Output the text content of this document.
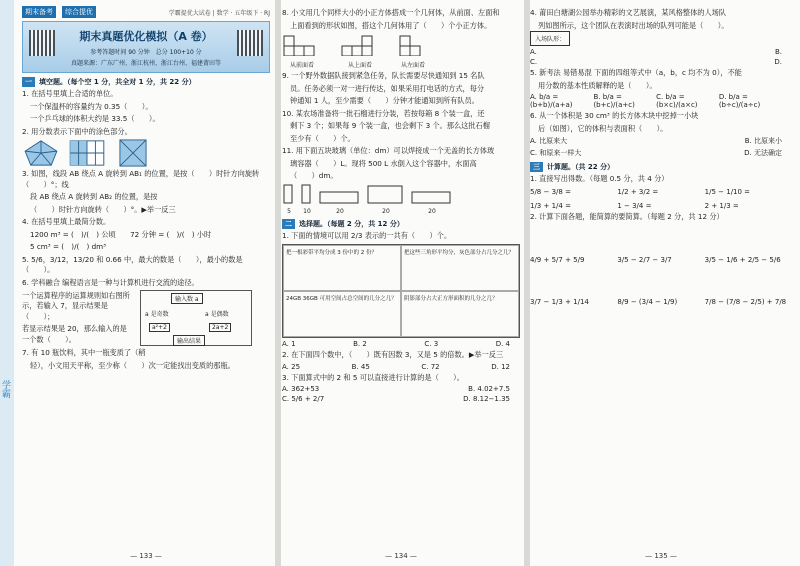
学霸
期末备考	综合提优	学霸提优大试卷 | 数学 · 五年级下 · RJ
期末真题优化模拟（A 卷）
参考答题时间 90 分钟　总分 100+10 分
真题来源：广东广州、浙江杭州、浙江台州、福建莆田等
一	填空题。（每个空 1 分，共全对 1 分，共 22 分）
1. 在括号里填上合适的单位。
一个保温杯的容量约为 0.35（　　）。
一个乒乓球的体积大约是 33.5（　　）。
2. 用分数表示下面中的涂色部分。
3. 如图，线段 AB 绕点 A 旋转到 AB₁ 的位置，是按（　　）时针方向旋转（　　）°；线
段 AB 绕点 A 旋转到 AB₂ 的位置，是按
（　　）时针方向旋转（　　）°。▶举一反三
4. 在括号里填上最简分数。
1200 m³ = (　)/(　) 公顷　　72 分钟 = (　)/(　) 小时
5 cm³ = (　)/(　) dm³
5. 5/6，3/12，13/20 和 0.66 中，最大的数是（　　），最小的数是（　　）。
6. 学科融合 编程语言是一种与计算机进行交流的途径。
一个运算程序的运算规则如右图所示，若输入 7，显示结果是（　　）；
若显示结果是 20，那么输入的是一个数（　　）。
输入数 a
a 是奇数	a 是偶数
a²+2	2a+2
输出结果
7. 有 10 瓶饮料，其中一瓶变质了（稍
轻），小文用天平称，至少称（　　）次一定能找出变质的那瓶。
— 133 —
8. 小文用几个同样大小的小正方体搭成一个几何体，从前面、左面和
上面看到的形状如图，搭这个几何体用了（　　）个小正方体。
从前面看	从上面看	从左面看
9. 一个野外数据队接到紧急任务，队长需要尽快通知到 15 名队
员。任务必须一对一进行传达，如果采用打电话的方式，每分
钟通知 1 人，至少需要（　　）分钟才能通知到所有队员。
10. 某农场准备将一批石榴进行分装，若按每箱 8 个装一盒，还
剩下 3 个；如果每 9 个装一盒，也会剩下 3 个。那么这批石榴
至少有（　　）个。
11. 用下面五块玻璃（单位：dm）可以焊接成一个无盖的长方体玻
璃容器（　　）L。现将 500 L 水倒入这个容器中，水面高
（　　）dm。
5	10	20	20	20
二	选择题。（每题 2 分，共 12 分）
1. 下面的情境可以用 2/3 表示的一共有（　　）个。
把一根彩带平均分成 3 份中的 2 份？	把这些三角形平均分，灰色部分占几分之几？
24GB 36GB 可用空间占总空间的几分之几？	阴影部分占大正方形面积的几分之几？
A. 1	B. 2	C. 3	D. 4
2. 在下面四个数中，（　　）既有因数 3，又是 5 的倍数。▶举一反三
A. 25	B. 45	C. 72	D. 12
3. 下面算式中的 2 和 5 可以直接进行计算的是（　　）。
A. 362+53	B. 4.02+7.5
C. 5/6 + 2/7	D. 8.12−1.35
— 134 —
4. 莆田白塘湖公园举办精彩的文艺展演，某风格整体的人场队
列如图所示，这个团队在表演时出场的队列可能是（　　）。
入场队形：
A.	B.
C.	D.
5. 新考法 易错易混 下面的四组等式中（a，b，c 均不为 0），不能
用分数的基本性质解释的是（　　）。
A. b/a = (b+b)/(a+a)
B. b/a = (b+c)/(a+c)
C. b/a = (b×c)/(a×c)
D. b/a = (b÷c)/(a÷c)
6. 从一个体积是 30 cm³ 的长方体木块中挖掉一小块
后（如图），它的体积与表面积（　　）。
A. 比原来大	B. 比原来小
C. 和原来一样大	D. 无法确定
三	计算题。（共 22 分）
1. 直接写出得数。（每题 0.5 分，共 4 分）
5/8 − 3/8 =	1/2 + 3/2 =	1/5 − 1/10 =
1/3 + 1/4 =	1 − 3/4 =	2 + 1/3 =
2. 计算下面各题，能简算的要简算。（每题 2 分，共 12 分）
4/9 + 5/7 + 5/9	3/5 − 2/7 − 3/7	3/5 − 1/6 + 2/5 − 5/6
3/7 − 1/3 + 1/14	8/9 − (3/4 − 1/9)	7/8 − (7/8 − 2/5) + 7/8
— 135 —
